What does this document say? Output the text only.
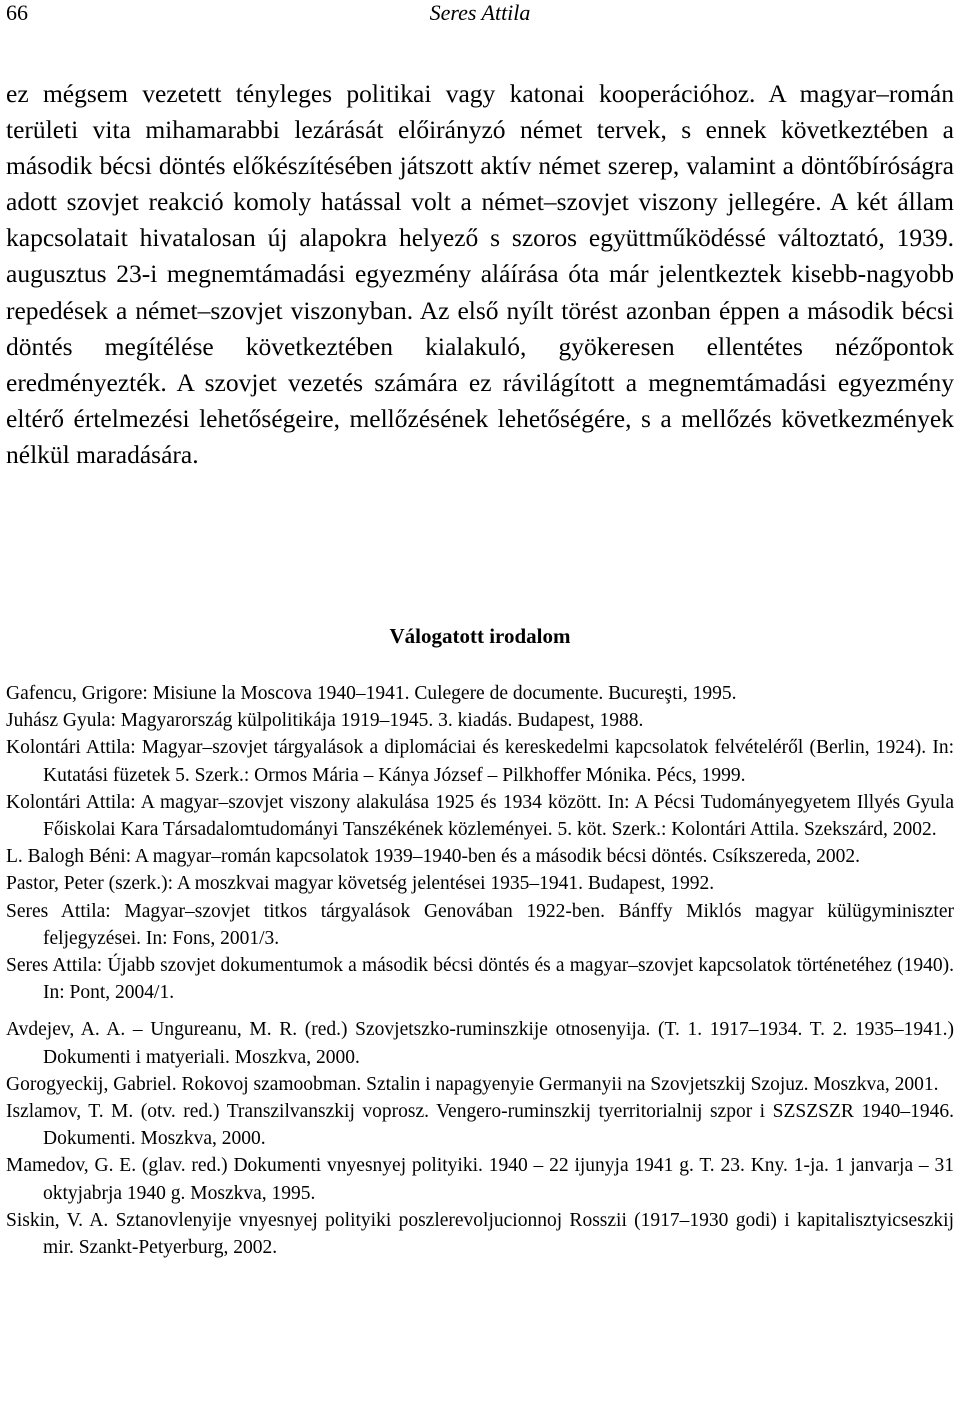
66	Seres Attila

ez mégsem vezetett tényleges politikai vagy katonai kooperációhoz. A magyar–román területi vita mihamarabbi lezárását előirányzó német tervek, s ennek következtében a második bécsi döntés előkészítésében játszott aktív német szerep, valamint a döntőbíróságra adott szovjet reakció komoly hatással volt a német–szovjet viszony jellegére. A két állam kapcsolatait hivatalosan új alapokra helyező s szoros együttműködéssé változtató, 1939. augusztus 23-i megnemtámadási egyezmény aláírása óta már jelentkeztek kisebb-nagyobb repedések a német–szovjet viszonyban. Az első nyílt törést azonban éppen a második bécsi döntés megítélése következtében kialakuló, gyökeresen ellentétes nézőpontok eredményezték. A szovjet vezetés számára ez rávilágított a megnemtámadási egyezmény eltérő értelmezési lehetőségeire, mellőzésének lehetőségére, s a mellőzés következmények nélkül maradására.

Válogatott irodalom
Gafencu, Grigore: Misiune la Moscova 1940–1941. Culegere de documente. Bucureşti, 1995.
Juhász Gyula: Magyarország külpolitikája 1919–1945. 3. kiadás. Budapest, 1988.
Kolontári Attila: Magyar–szovjet tárgyalások a diplomáciai és kereskedelmi kapcsolatok felvételéről (Berlin, 1924). In: Kutatási füzetek 5. Szerk.: Ormos Mária – Kánya József – Pilkhoffer Mónika. Pécs, 1999.
Kolontári Attila: A magyar–szovjet viszony alakulása 1925 és 1934 között. In: A Pécsi Tudományegyetem Illyés Gyula Főiskolai Kara Társadalomtudományi Tanszékének közleményei. 5. köt. Szerk.: Kolontári Attila. Szekszárd, 2002.
L. Balogh Béni: A magyar–román kapcsolatok 1939–1940-ben és a második bécsi döntés. Csíkszereda, 2002.
Pastor, Peter (szerk.): A moszkvai magyar követség jelentései 1935–1941. Budapest, 1992.
Seres Attila: Magyar–szovjet titkos tárgyalások Genovában 1922-ben. Bánffy Miklós magyar külügyminiszter feljegyzései. In: Fons, 2001/3.
Seres Attila: Újabb szovjet dokumentumok a második bécsi döntés és a magyar–szovjet kapcsolatok történetéhez (1940). In: Pont, 2004/1.
Avdejev, A. A. – Ungureanu, M. R. (red.) Szovjetszko-ruminszkije otnosenyija. (T. 1. 1917–1934. T. 2. 1935–1941.) Dokumenti i matyeriali. Moszkva, 2000.
Gorogyeckij, Gabriel. Rokovoj szamoobman. Sztalin i napagyenyie Germanyii na Szovjetszkij Szojuz. Moszkva, 2001.
Iszlamov, T. M. (otv. red.) Transzilvanszkij voprosz. Vengero-ruminszkij tyerritorialnij szpor i SZSZSZR 1940–1946. Dokumenti. Moszkva, 2000.
Mamedov, G. E. (glav. red.) Dokumenti vnyesnyej polityiki. 1940 – 22 ijunyja 1941 g. T. 23. Kny. 1-ja. 1 janvarja – 31 oktyjabrja 1940 g. Moszkva, 1995.
Siskin, V. A. Sztanovlenyije vnyesnyej polityiki poszlerevoljucionnoj Rosszii (1917–1930 godi) i kapitalisztyicseszkij mir. Szankt-Petyerburg, 2002.
